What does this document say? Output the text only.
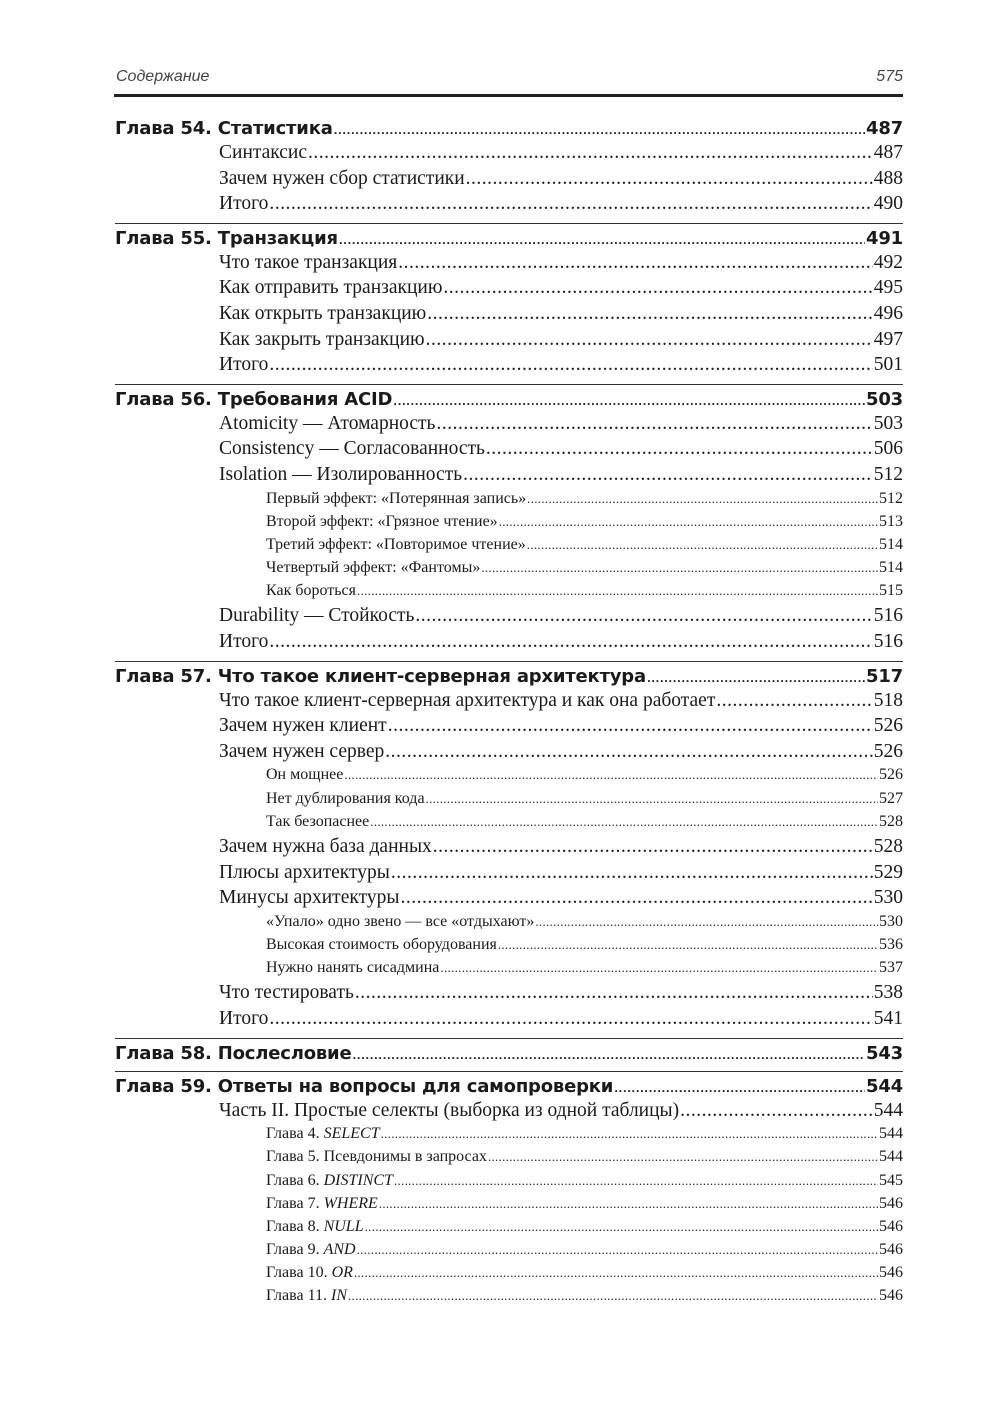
Содержание	575
Глава 54. Статистика .....	487
Синтаксис .....	487
Зачем нужен сбор статистики .....	488
Итого .....	490
Глава 55. Транзакция .....	491
Что такое транзакция .....	492
Как отправить транзакцию .....	495
Как открыть транзакцию .....	496
Как закрыть транзакцию .....	497
Итого .....	501
Глава 56. Требования ACID .....	503
Atomicity — Атомарность .....	503
Consistency — Согласованность .....	506
Isolation — Изолированность .....	512
Первый эффект: «Потерянная запись» .....	512
Второй эффект: «Грязное чтение» .....	513
Третий эффект: «Повторимое чтение» .....	514
Четвертый эффект: «Фантомы» .....	514
Как бороться .....	515
Durability — Стойкость .....	516
Итого .....	516
Глава 57. Что такое клиент-серверная архитектура .....	517
Что такое клиент-серверная архитектура и как она работает .....	518
Зачем нужен клиент .....	526
Зачем нужен сервер .....	526
Он мощнее .....	526
Нет дублирования кода .....	527
Так безопаснее .....	528
Зачем нужна база данных .....	528
Плюсы архитектуры .....	529
Минусы архитектуры .....	530
«Упало» одно звено — все «отдыхают» .....	530
Высокая стоимость оборудования .....	536
Нужно нанять сисадмина .....	537
Что тестировать .....	538
Итого .....	541
Глава 58. Послесловие .....	543
Глава 59. Ответы на вопросы для самопроверки .....	544
Часть II. Простые селекты (выборка из одной таблицы) .....	544
Глава 4. SELECT .....	544
Глава 5. Псевдонимы в запросах .....	544
Глава 6. DISTINCT .....	545
Глава 7. WHERE .....	546
Глава 8. NULL .....	546
Глава 9. AND .....	546
Глава 10. OR .....	546
Глава 11. IN .....	546
